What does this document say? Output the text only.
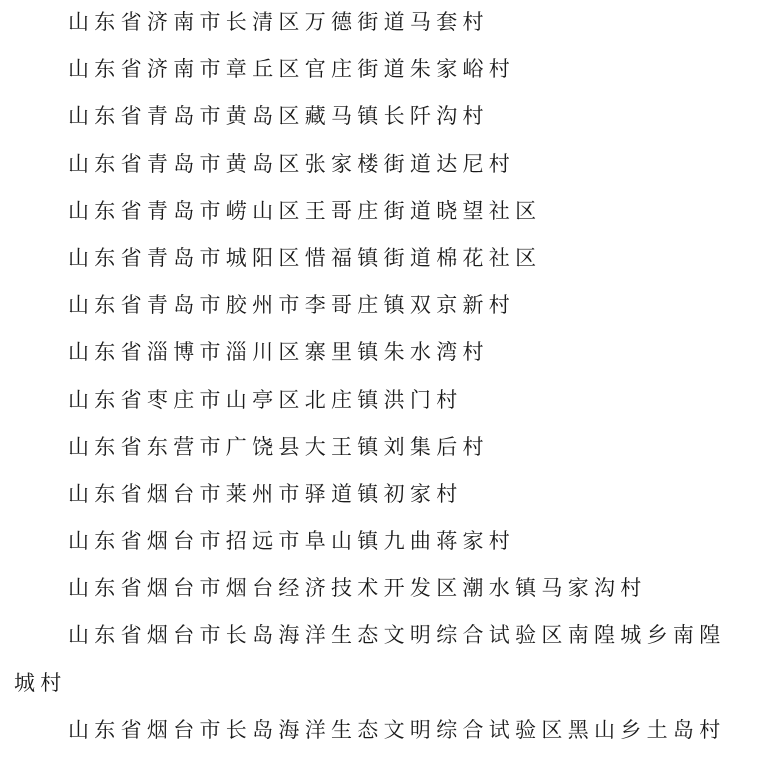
山东省济南市长清区万德街道马套村
山东省济南市章丘区官庄街道朱家峪村
山东省青岛市黄岛区藏马镇长阡沟村
山东省青岛市黄岛区张家楼街道达尼村
山东省青岛市崂山区王哥庄街道晓望社区
山东省青岛市城阳区惜福镇街道棉花社区
山东省青岛市胶州市李哥庄镇双京新村
山东省淄博市淄川区寨里镇朱水湾村
山东省枣庄市山亭区北庄镇洪门村
山东省东营市广饶县大王镇刘集后村
山东省烟台市莱州市驿道镇初家村
山东省烟台市招远市阜山镇九曲蒋家村
山东省烟台市烟台经济技术开发区潮水镇马家沟村
山东省烟台市长岛海洋生态文明综合试验区南隍城乡南隍
城村
山东省烟台市长岛海洋生态文明综合试验区黑山乡土岛村
